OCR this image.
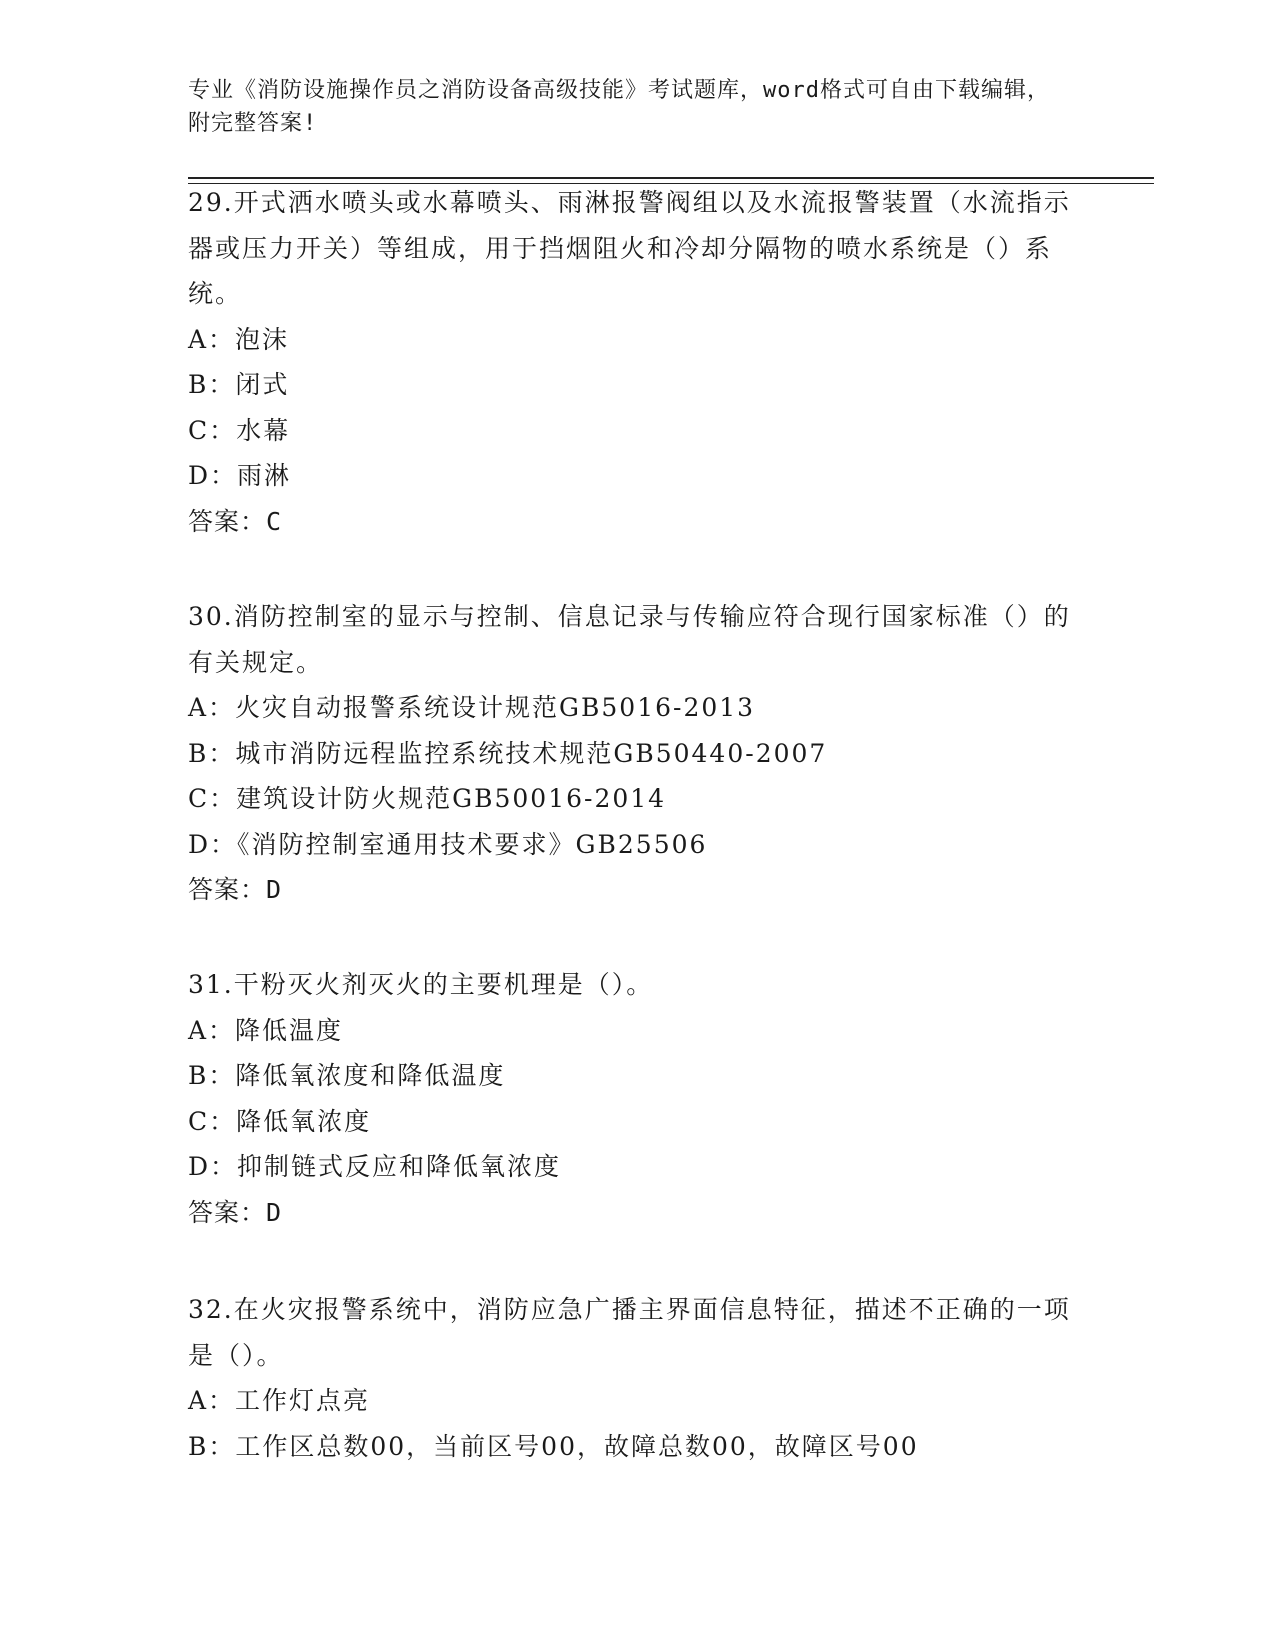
专业《消防设施操作员之消防设备高级技能》考试题库，word格式可自由下载编辑，附完整答案!

29.开式洒水喷头或水幕喷头、雨淋报警阀组以及水流报警装置（水流指示器或压力开关）等组成，用于挡烟阻火和冷却分隔物的喷水系统是（）系统。

A：泡沫

B：闭式

C：水幕

D：雨淋

答案：C

30.消防控制室的显示与控制、信息记录与传输应符合现行国家标准（）的有关规定。

A：火灾自动报警系统设计规范GB5016-2013

B：城市消防远程监控系统技术规范GB50440-2007

C：建筑设计防火规范GB50016-2014

D：《消防控制室通用技术要求》GB25506

答案：D

31.干粉灭火剂灭火的主要机理是（）。

A：降低温度

B：降低氧浓度和降低温度

C：降低氧浓度

D：抑制链式反应和降低氧浓度

答案：D

32.在火灾报警系统中，消防应急广播主界面信息特征，描述不正确的一项是（）。

A：工作灯点亮

B：工作区总数00，当前区号00，故障总数00，故障区号00
